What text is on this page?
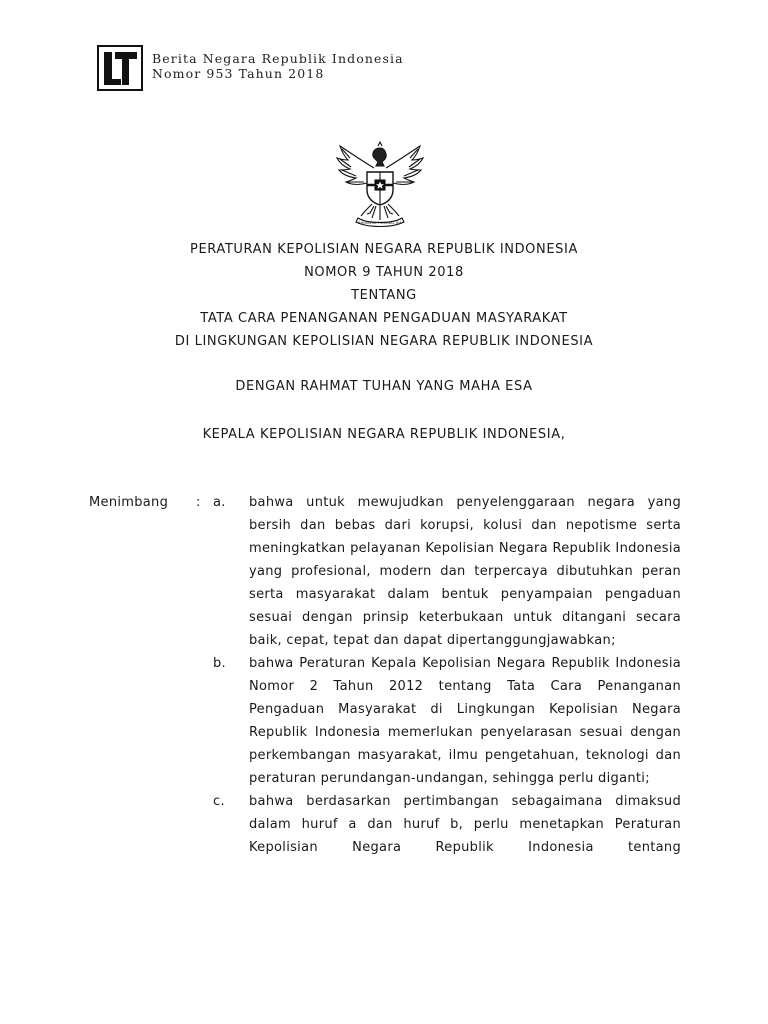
Berita Negara Republik Indonesia
Nomor 953 Tahun 2018
BHINNEKA TUNGGAL IKA
PERATURAN KEPOLISIAN NEGARA REPUBLIK INDONESIA
NOMOR 9 TAHUN 2018
TENTANG
TATA CARA PENANGANAN PENGADUAN MASYARAKAT
DI LINGKUNGAN KEPOLISIAN NEGARA REPUBLIK INDONESIA
DENGAN RAHMAT TUHAN YANG MAHA ESA
KEPALA KEPOLISIAN NEGARA REPUBLIK INDONESIA,
Menimbang : a. bahwa untuk mewujudkan penyelenggaraan negara yang bersih dan bebas dari korupsi, kolusi dan nepotisme serta meningkatkan pelayanan Kepolisian Negara Republik Indonesia yang profesional, modern dan terpercaya dibutuhkan peran serta masyarakat dalam bentuk penyampaian pengaduan sesuai dengan prinsip keterbukaan untuk ditangani secara baik, cepat, tepat dan dapat dipertanggungjawabkan;
b. bahwa Peraturan Kepala Kepolisian Negara Republik Indonesia Nomor 2 Tahun 2012 tentang Tata Cara Penanganan Pengaduan Masyarakat di Lingkungan Kepolisian Negara Republik Indonesia memerlukan penyelarasan sesuai dengan perkembangan masyarakat, ilmu pengetahuan, teknologi dan peraturan perundangan-undangan, sehingga perlu diganti;
c. bahwa berdasarkan pertimbangan sebagaimana dimaksud dalam huruf a dan huruf b, perlu menetapkan Peraturan Kepolisian Negara Republik Indonesia tentang
